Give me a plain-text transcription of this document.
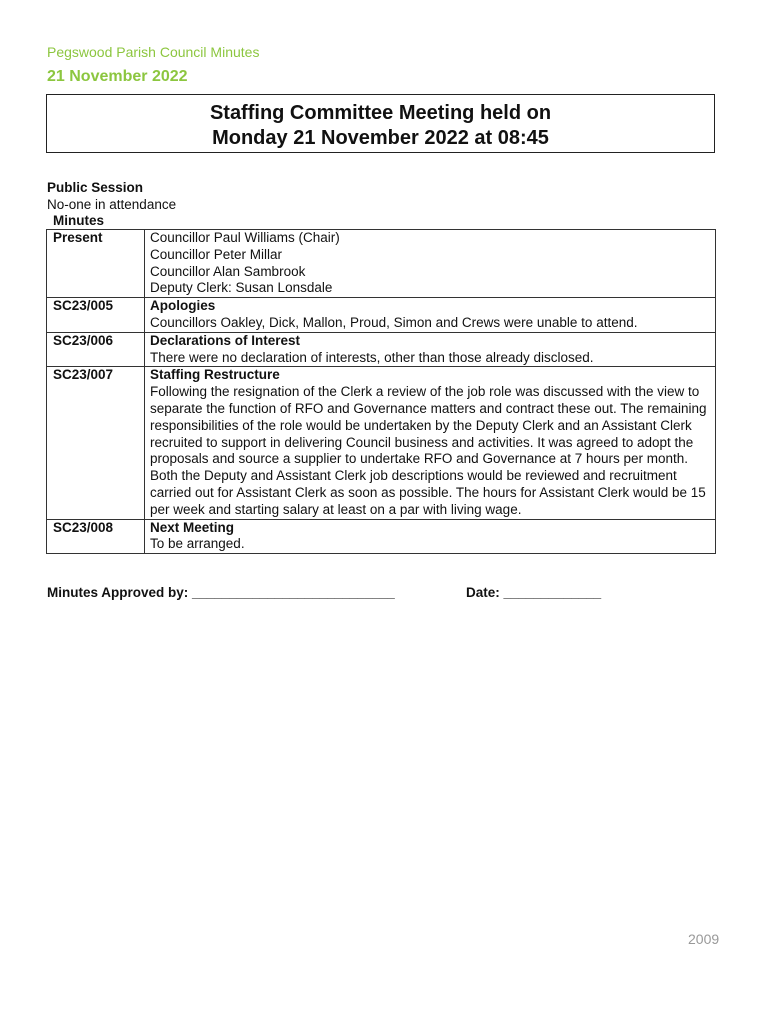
Pegswood Parish Council Minutes
21 November 2022
Staffing Committee Meeting held on
Monday 21 November 2022 at 08:45
Public Session
No-one in attendance
Minutes
Present	Councillor Paul Williams (Chair)
Councillor Peter Millar
Councillor Alan Sambrook
Deputy Clerk: Susan Lonsdale

SC23/005	Apologies
Councillors Oakley, Dick, Mallon, Proud, Simon and Crews were unable to attend.
SC23/006	Declarations of Interest
There were no declaration of interests, other than those already disclosed.
SC23/007	Staffing Restructure
Following the resignation of the Clerk a review of the job role was discussed with the view to separate the function of RFO and Governance matters and contract these out. The remaining responsibilities of the role would be undertaken by the Deputy Clerk and an Assistant Clerk recruited to support in delivering Council business and activities. It was agreed to adopt the proposals and source a supplier to undertake RFO and Governance at 7 hours per month. Both the Deputy and Assistant Clerk job descriptions would be reviewed and recruitment carried out for Assistant Clerk as soon as possible. The hours for Assistant Clerk would be 15 per week and starting salary at least on a par with living wage.
SC23/008	Next Meeting
To be arranged.
Minutes Approved by: ___________________________	Date: _____________
2009
